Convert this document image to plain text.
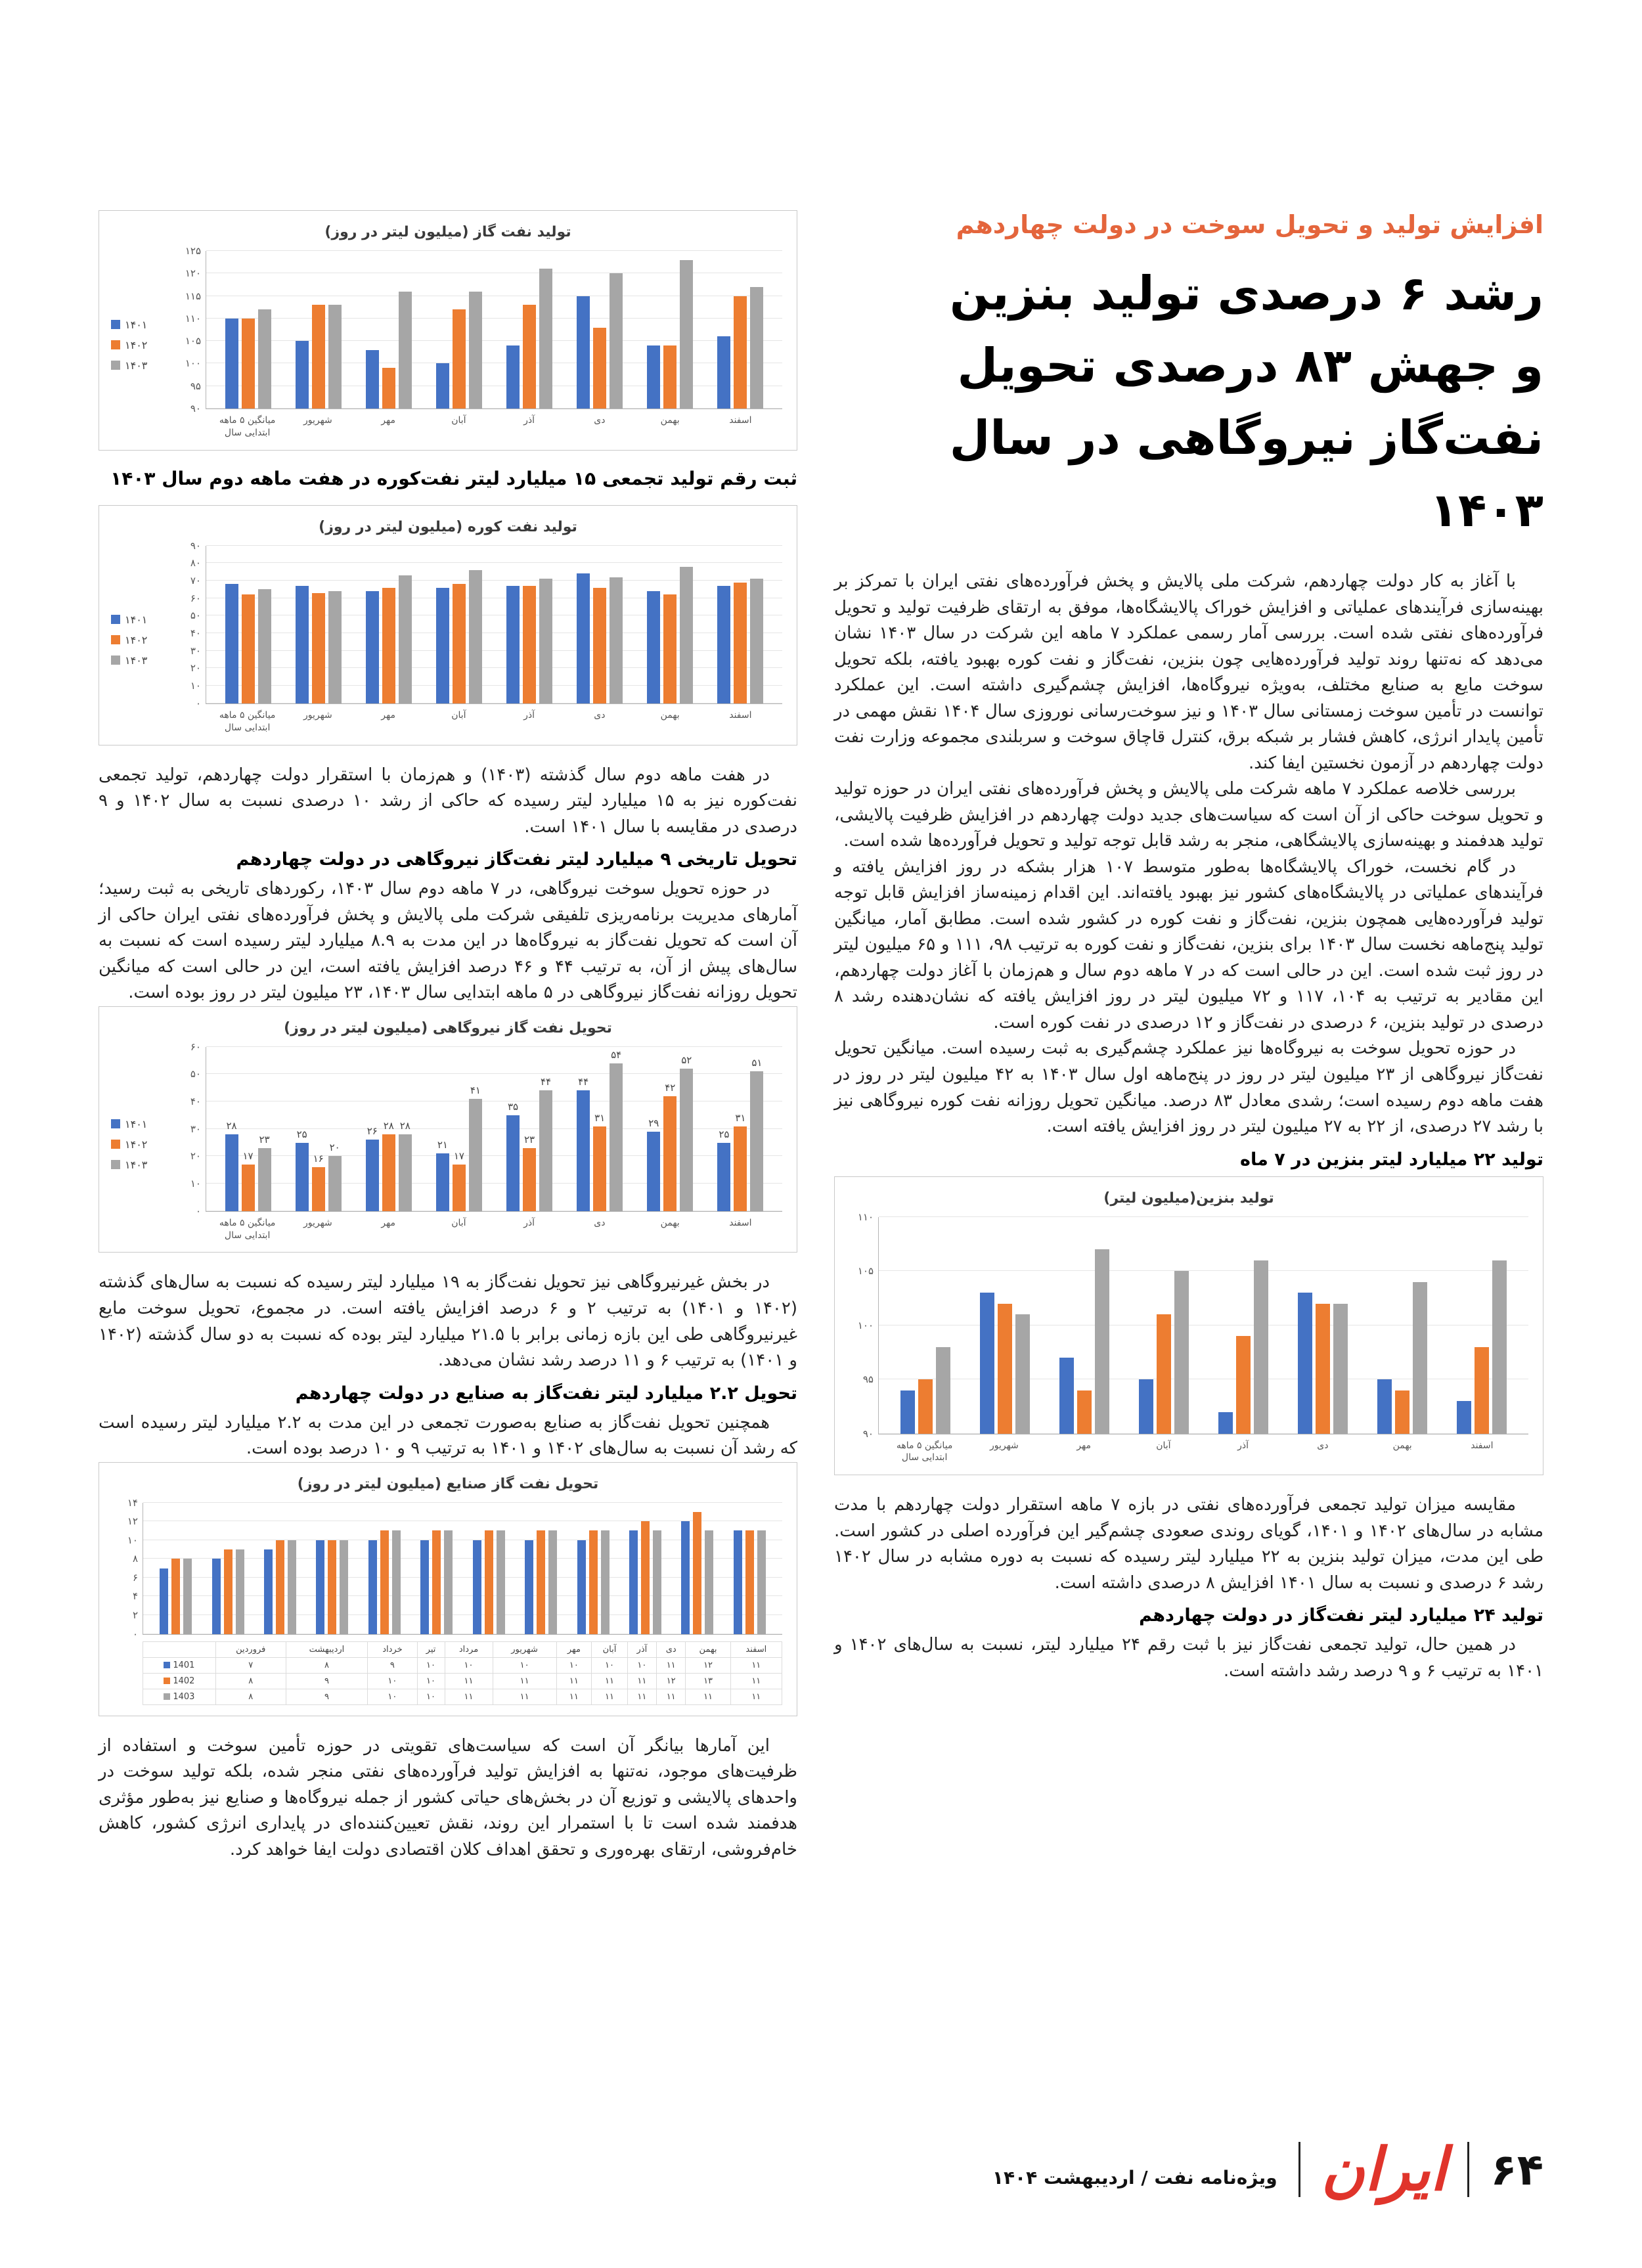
افزایش تولید و تحویل سوخت در دولت چهاردهم
رشد ۶ درصدی تولید بنزین
و جهش ۸۳ درصدی تحویل
نفت‌گاز نیروگاهی در سال ۱۴۰۳

با آغاز به کار دولت چهاردهم، شرکت ملی پالایش و پخش فرآورده‌های نفتی ایران با تمرکز بر بهینه‌سازی فرآیندهای عملیاتی و افزایش خوراک پالایشگاه‌ها، موفق به ارتقای ظرفیت تولید و تحویل فرآورده‌های نفتی شده است. بررسی آمار رسمی عملکرد ۷ ماهه این شرکت در سال ۱۴۰۳ نشان می‌دهد که نه‌تنها روند تولید فرآورده‌هایی چون بنزین، نفت‌گاز و نفت کوره بهبود یافته، بلکه تحویل سوخت مایع به صنایع مختلف، به‌ویژه نیروگاه‌ها، افزایش چشم‌گیری داشته است. این عملکرد توانست در تأمین سوخت زمستانی سال ۱۴۰۳ و نیز سوخت‌رسانی نوروزی سال ۱۴۰۴ نقش مهمی در تأمین پایدار انرژی، کاهش فشار بر شبکه برق، کنترل قاچاق سوخت و سربلندی مجموعه وزارت نفت دولت چهاردهم در آزمون نخستین ایفا کند.

بررسی خلاصه عملکرد ۷ ماهه شرکت ملی پالایش و پخش فرآورده‌های نفتی ایران در حوزه تولید و تحویل سوخت حاکی از آن است که سیاست‌های جدید دولت چهاردهم در افزایش ظرفیت پالایشی، تولید هدفمند و بهینه‌سازی پالایشگاهی، منجر به رشد قابل توجه تولید و تحویل فرآورده‌ها شده است.

در گام نخست، خوراک پالایشگاه‌ها به‌طور متوسط ۱۰۷ هزار بشکه در روز افزایش یافته و فرآیندهای عملیاتی در پالایشگاه‌های کشور نیز بهبود یافته‌اند. این اقدام زمینه‌ساز افزایش قابل توجه تولید فرآورده‌هایی همچون بنزین، نفت‌گاز و نفت کوره در کشور شده است. مطابق آمار، میانگین تولید پنج‌ماهه نخست سال ۱۴۰۳ برای بنزین، نفت‌گاز و نفت کوره به ترتیب ۹۸، ۱۱۱ و ۶۵ میلیون لیتر در روز ثبت شده است. این در حالی است که در ۷ ماهه دوم سال و هم‌زمان با آغاز دولت چهاردهم، این مقادیر به ترتیب به ۱۰۴، ۱۱۷ و ۷۲ میلیون لیتر در روز افزایش یافته که نشان‌دهنده رشد ۸ درصدی در تولید بنزین، ۶ درصدی در نفت‌گاز و ۱۲ درصدی در نفت کوره است.

در حوزه تحویل سوخت به نیروگاه‌ها نیز عملکرد چشم‌گیری به ثبت رسیده است. میانگین تحویل نفت‌گاز نیروگاهی از ۲۳ میلیون لیتر در روز در پنج‌ماهه اول سال ۱۴۰۳ به ۴۲ میلیون لیتر در روز در هفت ماهه دوم رسیده است؛ رشدی معادل ۸۳ درصد. میانگین تحویل روزانه نفت کوره نیروگاهی نیز با رشد ۲۷ درصدی، از ۲۲ به ۲۷ میلیون لیتر در روز افزایش یافته است.

تولید ۲۲ میلیارد لیتر بنزین در ۷ ماه
تولید بنزین(میلیون لیتر)
۹۰
۹۵
۱۰۰
۱۰۵
۱۱۰
میانگین ۵ ماهه ابتدایی سال
شهریور	مهر	آبان	آذر	دی	بهمن	اسفند

مقایسه میزان تولید تجمعی فرآورده‌های نفتی در بازه ۷ ماهه استقرار دولت چهاردهم با مدت مشابه در سال‌های ۱۴۰۲ و ۱۴۰۱، گویای روندی صعودی چشم‌گیر این فرآورده اصلی در کشور است. طی این مدت، میزان تولید بنزین به ۲۲ میلیارد لیتر رسیده که نسبت به دوره مشابه در سال ۱۴۰۲ رشد ۶ درصدی و نسبت به سال ۱۴۰۱ افزایش ۸ درصدی داشته است.

تولید ۲۴ میلیارد لیتر نفت‌گاز در دولت چهاردهم

در همین حال، تولید تجمعی نفت‌گاز نیز با ثبت رقم ۲۴ میلیارد لیتر، نسبت به سال‌های ۱۴۰۲ و ۱۴۰۱ به ترتیب ۶ و ۹ درصد رشد داشته است.

تولید نفت گاز (میلیون لیتر در روز)
۱۴۰۱
۱۴۰۲
۱۴۰۳
۹۰
۹۵
۱۰۰
۱۰۵
۱۱۰
۱۱۵
۱۲۰
۱۲۵
میانگین ۵ ماهه ابتدایی سال
شهریور	مهر	آبان	آذر	دی	بهمن	اسفند
ثبت رقم تولید تجمعی ۱۵ میلیارد لیتر نفت‌کوره در هفت ماهه دوم سال ۱۴۰۳
تولید نفت کوره (میلیون لیتر در روز)
۱۴۰۱
۱۴۰۲
۱۴۰۳
۰
۱۰
۲۰
۳۰
۴۰
۵۰
۶۰
۷۰
۸۰
۹۰
میانگین ۵ ماهه ابتدایی سال
شهریور	مهر	آبان	آذر	دی	بهمن	اسفند

در هفت ماهه دوم سال گذشته (۱۴۰۳) و هم‌زمان با استقرار دولت چهاردهم، تولید تجمعی نفت‌کوره نیز به ۱۵ میلیارد لیتر رسیده که حاکی از رشد ۱۰ درصدی نسبت به سال ۱۴۰۲ و ۹ درصدی در مقایسه با سال ۱۴۰۱ است.

تحویل تاریخی ۹ میلیارد لیتر نفت‌گاز نیروگاهی در دولت چهاردهم

در حوزه تحویل سوخت نیروگاهی، در ۷ ماهه دوم سال ۱۴۰۳، رکوردهای تاریخی به ثبت رسید؛ آمارهای مدیریت برنامه‌ریزی تلفیقی شرکت ملی پالایش و پخش فرآورده‌های نفتی ایران حاکی از آن است که تحویل نفت‌گاز به نیروگاه‌ها در این مدت به ۸.۹ میلیارد لیتر رسیده است که نسبت به سال‌های پیش از آن، به ترتیب ۴۴ و ۴۶ درصد افزایش یافته است، این در حالی است که میانگین تحویل روزانه نفت‌گاز نیروگاهی در ۵ ماهه ابتدایی سال ۱۴۰۳، ۲۳ میلیون لیتر در روز بوده است.

تحویل نفت گاز نیروگاهی (میلیون لیتر در روز)
۱۴۰۱
۱۴۰۲
۱۴۰۳
۰
۱۰
۲۰
۳۰
۴۰
۵۰
۶۰
۲۸
۱۷
۲۳	۲۵
۱۶
۲۰
۲۶ ۲۸ ۲۸
۲۱
۱۷
۴۱
۳۵
۲۳
۴۴	۴۴
۳۱
۵۴
۲۹
۴۲
۵۲
۲۵
۳۱
۵۱
میانگین ۵ ماهه ابتدایی سال
شهریور	مهر	آبان	آذر	دی	بهمن	اسفند

در بخش غیرنیروگاهی نیز تحویل نفت‌گاز به ۱۹ میلیارد لیتر رسیده که نسبت به سال‌های گذشته (۱۴۰۲ و ۱۴۰۱) به ترتیب ۲ و ۶ درصد افزایش یافته است. در مجموع، تحویل سوخت مایع غیرنیروگاهی طی این بازه زمانی برابر با ۲۱.۵ میلیارد لیتر بوده که نسبت به دو سال گذشته (۱۴۰۲ و ۱۴۰۱) به ترتیب ۶ و ۱۱ درصد رشد نشان می‌دهد.

تحویل ۲.۲ میلیارد لیتر نفت‌گاز به صنایع در دولت چهاردهم

همچنین تحویل نفت‌گاز به صنایع به‌صورت تجمعی در این مدت به ۲.۲ میلیارد لیتر رسیده است که رشد آن نسبت به سال‌های ۱۴۰۲ و ۱۴۰۱ به ترتیب ۹ و ۱۰ درصد بوده است.

تحویل نفت گاز صنایع (میلیون لیتر در روز)
۰
۲
۴
۶
۸
۱۰
۱۲
۱۴
	فروردین	اردیبهشت	خرداد	تیر	مرداد	شهریور	مهر	آبان	آذر	دی	بهمن	اسفند
1401	۷	۸	۹	۱۰	۱۰	۱۰	۱۰	۱۰	۱۰	۱۱	۱۲	۱۱
1402	۸	۹	۱۰	۱۰	۱۱	۱۱	۱۱	۱۱	۱۱	۱۲	۱۳	۱۱
1403	۸	۹	۱۰	۱۰	۱۱	۱۱	۱۱	۱۱	۱۱	۱۱	۱۱	۱۱

این آمارها بیانگر آن است که سیاست‌های تقویتی در حوزه تأمین سوخت و استفاده از ظرفیت‌های موجود، نه‌تنها به افزایش تولید فرآورده‌های نفتی منجر شده، بلکه تولید سوخت در واحدهای پالایشی و توزیع آن در بخش‌های حیاتی کشور از جمله نیروگاه‌ها و صنایع نیز به‌طور مؤثری هدفمند شده است تا با استمرار این روند، نقش تعیین‌کننده‌ای در پایداری انرژی کشور، کاهش خام‌فروشی، ارتقای بهره‌وری و تحقق اهداف کلان اقتصادی دولت ایفا خواهد کرد.

۶۴
ایران
ویژه‌نامه نفت / اردیبهشت ۱۴۰۴
